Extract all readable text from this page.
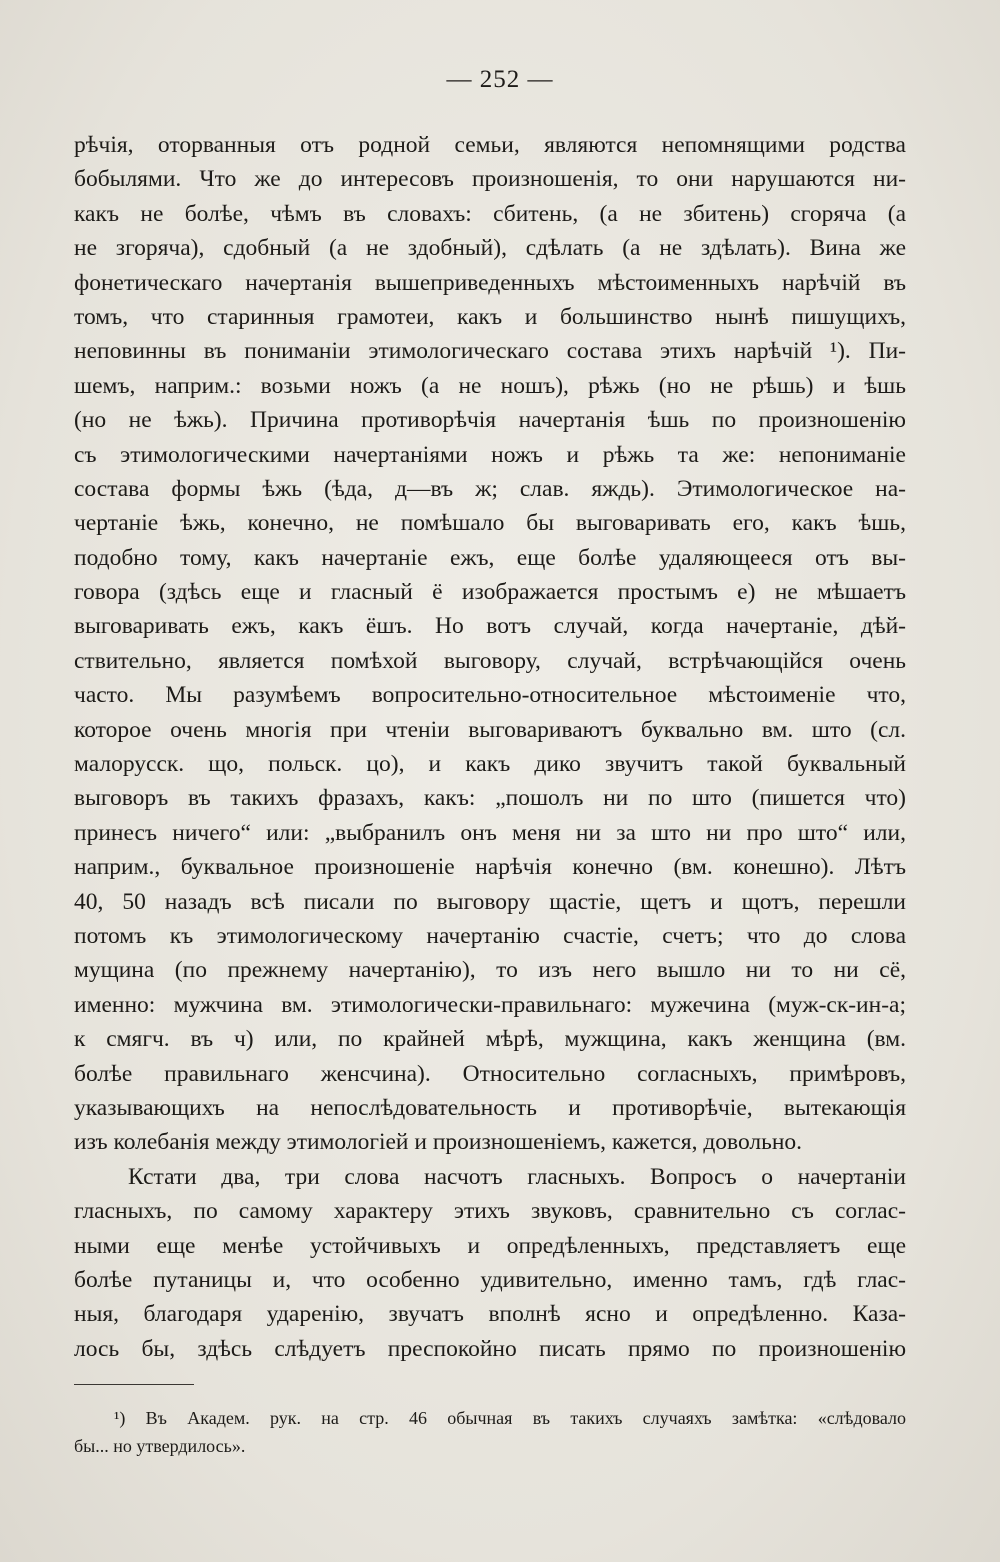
— 252 —
рѣчія, оторванныя отъ родной семьи, являются непомнящими родства
бобылями. Что же до интересовъ произношенія, то они нарушаются ни-
какъ не болѣе, чѣмъ въ словахъ: сбитень, (а не збитень) сгоряча (а
не згоряча), сдобный (а не здобный), сдѣлать (а не здѣлать). Вина же
фонетическаго начертанія вышеприведенныхъ мѣстоименныхъ нарѣчій въ
томъ, что старинныя грамотеи, какъ и большинство нынѣ пишущихъ,
неповинны въ пониманіи этимологическаго состава этихъ нарѣчій ¹). Пи-
шемъ, наприм.: возьми ножъ (а не ношъ), рѣжь (но не рѣшь) и ѣшь
(но не ѣжь). Причина противорѣчія начертанія ѣшь по произношенію
съ этимологическими начертаніями ножъ и рѣжь та же: непониманіе
состава формы ѣжь (ѣда, д—въ ж; слав. яждь). Этимологическое на-
чертаніе ѣжь, конечно, не помѣшало бы выговаривать его, какъ ѣшь,
подобно тому, какъ начертаніе ежъ, еще болѣе удаляющееся отъ вы-
говора (здѣсь еще и гласный ё изображается простымъ е) не мѣшаетъ
выговаривать ежъ, какъ ёшъ. Но вотъ случай, когда начертаніе, дѣй-
ствительно, является помѣхой выговору, случай, встрѣчающійся очень
часто. Мы разумѣемъ вопросительно-относительное мѣстоименіе что,
которое очень многія при чтеніи выговариваютъ буквально вм. што (сл.
малорусск. що, польск. цо), и какъ дико звучитъ такой буквальный
выговоръ въ такихъ фразахъ, какъ: „пошолъ ни по што (пишется что)
принесъ ничего“ или: „выбранилъ онъ меня ни за што ни про што“ или,
наприм., буквальное произношеніе нарѣчія конечно (вм. конешно). Лѣтъ
40, 50 назадъ всѣ писали по выговору щастіе, щетъ и щотъ, перешли
потомъ къ этимологическому начертанію счастіе, счетъ; что до слова
мущина (по прежнему начертанію), то изъ него вышло ни то ни сё,
именно: мужчина вм. этимологически-правильнаго: мужечина (муж-ск-ин-а;
к смягч. въ ч) или, по крайней мѣрѣ, мужщина, какъ женщина (вм.
болѣе правильнаго женсчина). Относительно согласныхъ, примѣровъ,
указывающихъ на непослѣдовательность и противорѣчіе, вытекающія
изъ колебанія между этимологіей и произношеніемъ, кажется, довольно.
Кстати два, три слова насчотъ гласныхъ. Вопросъ о начертаніи
гласныхъ, по самому характеру этихъ звуковъ, сравнительно съ соглас-
ными еще менѣе устойчивыхъ и опредѣленныхъ, представляетъ еще
болѣе путаницы и, что особенно удивительно, именно тамъ, гдѣ глас-
ныя, благодаря ударенію, звучатъ вполнѣ ясно и опредѣленно. Каза-
лось бы, здѣсь слѣдуетъ преспокойно писать прямо по произношенію
¹) Въ Академ. рук. на стр. 46 обычная въ такихъ случаяхъ замѣтка: «слѣдовало
бы... но утвердилось».
